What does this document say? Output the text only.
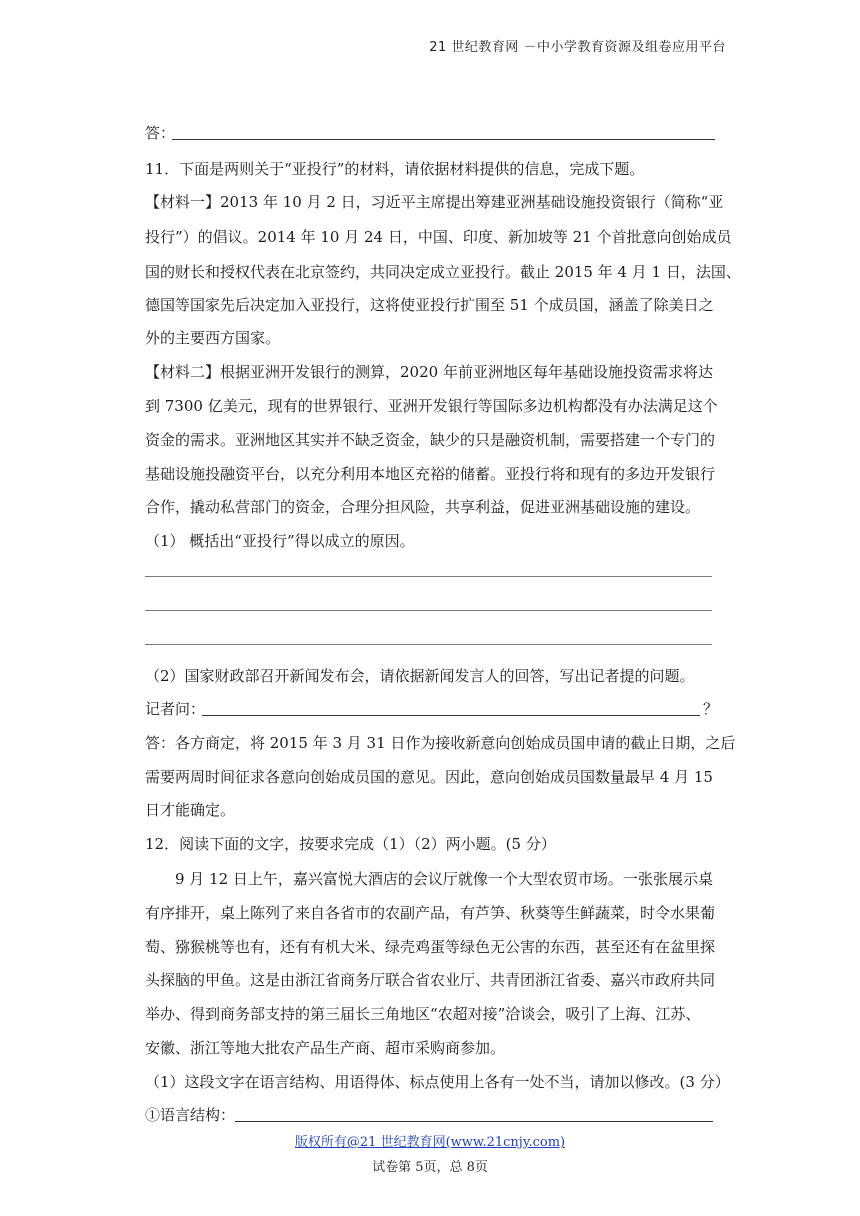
21 世纪教育网 －中小学教育资源及组卷应用平台
答：
11．下面是两则关于“亚投行”的材料，请依据材料提供的信息，完成下题。
【材料一】2013 年 10 月 2 日，习近平主席提出筹建亚洲基础设施投资银行（简称“亚
投行”）的倡议。2014 年 10 月 24 日，中国、印度、新加坡等 21 个首批意向创始成员
国的财长和授权代表在北京签约，共同决定成立亚投行。截止 2015 年 4 月 1 日，法国、
德国等国家先后决定加入亚投行，这将使亚投行扩围至 51 个成员国，涵盖了除美日之
外的主要西方国家。
【材料二】根据亚洲开发银行的测算，2020 年前亚洲地区每年基础设施投资需求将达
到 7300 亿美元，现有的世界银行、亚洲开发银行等国际多边机构都没有办法满足这个
资金的需求。亚洲地区其实并不缺乏资金，缺少的只是融资机制，需要搭建一个专门的
基础设施投融资平台，以充分利用本地区充裕的储蓄。亚投行将和现有的多边开发银行
合作，撬动私营部门的资金，合理分担风险，共享利益，促进亚洲基础设施的建设。
（1） 概括出“亚投行”得以成立的原因。
（2）国家财政部召开新闻发布会，请依据新闻发言人的回答，写出记者提的问题。
记者问：	？
答：各方商定，将 2015 年 3 月 31 日作为接收新意向创始成员国申请的截止日期，之后
需要两周时间征求各意向创始成员国的意见。因此，意向创始成员国数量最早 4 月 15
日才能确定。
12．阅读下面的文字，按要求完成（1）（2）两小题。(5 分）
9 月 12 日上午，嘉兴富悦大酒店的会议厅就像一个大型农贸市场。一张张展示桌
有序排开，桌上陈列了来自各省市的农副产品，有芦笋、秋葵等生鲜蔬菜，时令水果葡
萄、猕猴桃等也有，还有有机大米、绿壳鸡蛋等绿色无公害的东西，甚至还有在盆里探
头探脑的甲鱼。这是由浙江省商务厅联合省农业厅、共青团浙江省委、嘉兴市政府共同
举办、得到商务部支持的第三届长三角地区“农超对接”洽谈会，吸引了上海、江苏、
安徽、浙江等地大批农产品生产商、超市采购商参加。
（1）这段文字在语言结构、用语得体、标点使用上各有一处不当，请加以修改。(3 分）
①语言结构：
版权所有@21 世纪教育网(www.21cnjy.com)
试卷第 5页，总 8页
